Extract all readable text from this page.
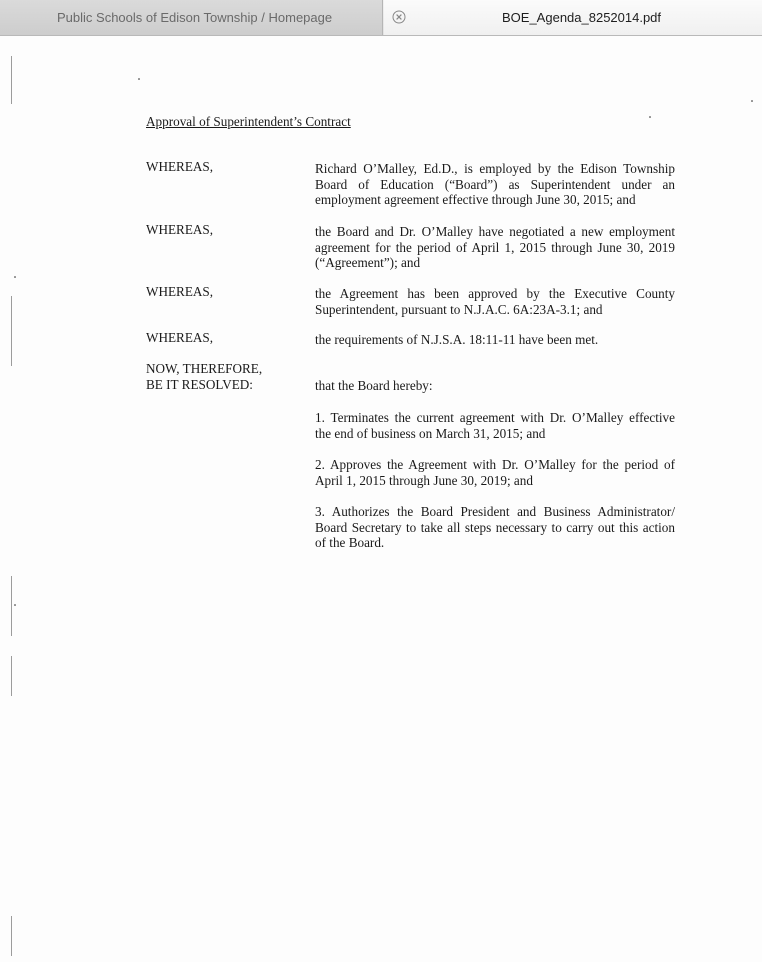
Public Schools of Edison Township / Homepage	BOE_Agenda_8252014.pdf
Approval of Superintendent’s Contract
WHEREAS,	Richard O’Malley, Ed.D., is employed by the Edison Township
Board of Education (“Board”) as Superintendent under an
employment agreement effective through June 30, 2015; and
WHEREAS,	the Board and Dr. O’Malley have negotiated a new employment
agreement for the period of April 1, 2015 through June 30, 2019
(“Agreement”); and
WHEREAS,	the Agreement has been approved by the Executive County
Superintendent, pursuant to N.J.A.C. 6A:23A-3.1; and
WHEREAS,	the requirements of N.J.S.A. 18:11-11 have been met.
NOW, THEREFORE,
BE IT RESOLVED:	that the Board hereby:
1. Terminates the current agreement with Dr. O’Malley effective
the end of business on March 31, 2015; and
2. Approves the Agreement with Dr. O’Malley for the period of
April 1, 2015 through June 30, 2019; and
3. Authorizes the Board President and Business Administrator/
Board Secretary to take all steps necessary to carry out this action
of the Board.
